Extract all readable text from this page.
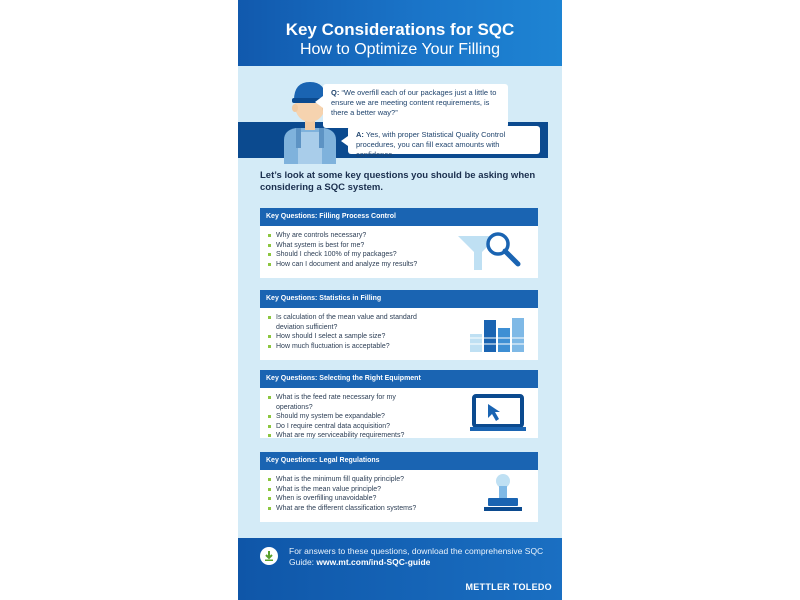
Key Considerations for SQC
How to Optimize Your Filling
Q: “We overfill each of our packages just a little to ensure we are meeting content requirements, is there a better way?”
A: Yes, with proper Statistical Quality Control procedures, you can fill exact amounts with confidence.
Let’s look at some key questions you should be asking when considering a SQC system.
Key Questions: Filling Process Control
Why are controls necessary?
What system is best for me?
Should I check 100% of my packages?
How can I document and analyze my results?
Key Questions: Statistics in Filling
Is calculation of the mean value and standard deviation sufficient?
How should I select a sample size?
How much fluctuation is acceptable?
Key Questions: Selecting the Right Equipment
What is the feed rate necessary for my operations?
Should my system be expandable?
Do I require central data acquisition?
What are my serviceability requirements?
Key Questions: Legal Regulations
What is the minimum fill quality principle?
What is the mean value principle?
When is overfilling unavoidable?
What are the different classification systems?
For answers to these questions, download the comprehensive SQC Guide: www.mt.com/ind-SQC-guide
METTLER TOLEDO
